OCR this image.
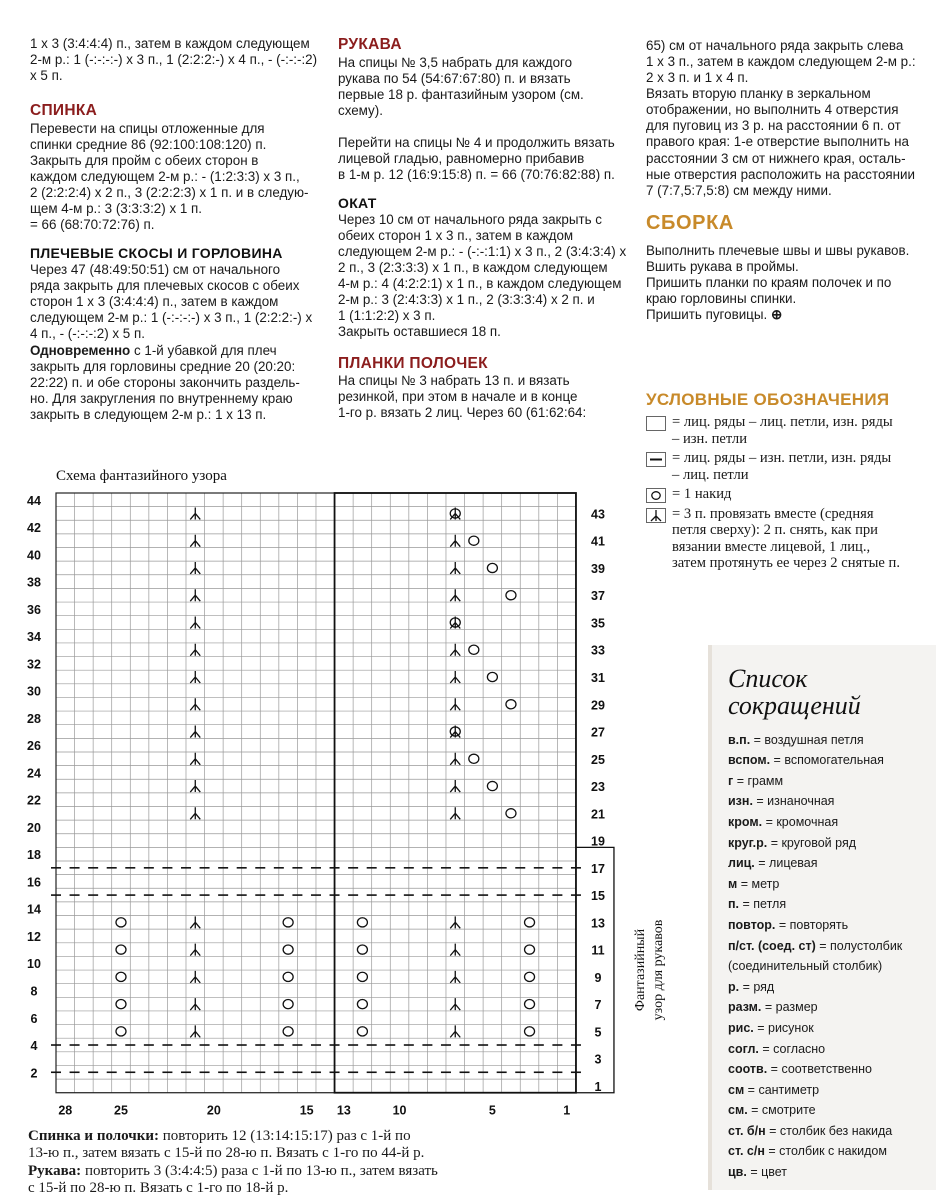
1 х 3 (3:4:4:4) п., затем в каждом следующем
2-м р.: 1 (-:-:-:-) х 3 п., 1 (2:2:2:-) х 4 п., - (-:-:-:2)
х 5 п.
СПИНКА
Перевести на спицы отложенные для
спинки средние 86 (92:100:108:120) п.
Закрыть для пройм с обеих сторон в
каждом следующем 2-м р.: - (1:2:3:3) х 3 п.,
2 (2:2:2:4) х 2 п., 3 (2:2:2:3) х 1 п. и в следую-
щем 4-м р.: 3 (3:3:3:2) х 1 п.
= 66 (68:70:72:76) п.
ПЛЕЧЕВЫЕ СКОСЫ И ГОРЛОВИНА
Через 47 (48:49:50:51) см от начального
ряда закрыть для плечевых скосов с обеих
сторон 1 х 3 (3:4:4:4) п., затем в каждом
следующем 2-м р.: 1 (-:-:-:-) х 3 п., 1 (2:2:2:-) х
4 п., - (-:-:-:2) х 5 п.
Одновременно с 1-й убавкой для плеч
закрыть для горловины средние 20 (20:20:
22:22) п. и обе стороны закончить раздель-
но. Для закругления по внутреннему краю
закрыть в следующем 2-м р.: 1 х 13 п.
РУКАВА
На спицы № 3,5 набрать для каждого
рукава по 54 (54:67:67:80) п. и вязать
первые 18 р. фантазийным узором (см.
схему).
Перейти на спицы № 4 и продолжить вязать
лицевой гладью, равномерно прибавив
в 1-м р. 12 (16:9:15:8) п. = 66 (70:76:82:88) п.
ОКАТ
Через 10 см от начального ряда закрыть с
обеих сторон 1 х 3 п., затем в каждом
следующем 2-м р.: - (-:-:1:1) х 3 п., 2 (3:4:3:4) х
2 п., 3 (2:3:3:3) х 1 п., в каждом следующем
4-м р.: 4 (4:2:2:1) х 1 п., в каждом следующем
2-м р.: 3 (2:4:3:3) х 1 п., 2 (3:3:3:4) х 2 п. и
1 (1:1:2:2) х 3 п.
Закрыть оставшиеся 18 п.
ПЛАНКИ ПОЛОЧЕК
На спицы № 3 набрать 13 п. и вязать
резинкой, при этом в начале и в конце
1-го р. вязать 2 лиц. Через 60 (61:62:64:
65) см от начального ряда закрыть слева
1 х 3 п., затем в каждом следующем 2-м р.:
2 х 3 п. и 1 х 4 п.
Вязать вторую планку в зеркальном
отображении, но выполнить 4 отверстия
для пуговиц из 3 р. на расстоянии 6 п. от
правого края: 1-е отверстие выполнить на
расстоянии 3 см от нижнего края, осталь-
ные отверстия расположить на расстоянии
7 (7:7,5:7,5:8) см между ними.
СБОРКА
Выполнить плечевые швы и швы рукавов.
Вшить рукава в проймы.
Пришить планки по краям полочек и по
краю горловины спинки.
Пришить пуговицы. ⊕
УСЛОВНЫЕ ОБОЗНАЧЕНИЯ
= лиц. ряды – лиц. петли, изн. ряды
– изн. петли
= лиц. ряды – изн. петли, изн. ряды
– лиц. петли
= 1 накид
= 3 п. провязать вместе (средняя
петля сверху): 2 п. снять, как при
вязании вместе лицевой, 1 лиц.,
затем протянуть ее через 2 снятые п.
Список
сокращений
в.п. = воздушная петля
вспом. = вспомогательная
г = грамм
изн. = изнаночная
кром. = кромочная
круг.р. = круговой ряд
лиц. = лицевая
м = метр
п. = петля
повтор. = повторять
п/ст. (соед. ст) = полустолбик
(соединительный столбик)
р. = ряд
разм. = размер
рис. = рисунок
согл. = согласно
соотв. = соответственно
см = сантиметр
см. = смотрите
ст. б/н = столбик без накида
ст. с/н = столбик с накидом
цв. = цвет
Схема фантазийного узора
44
42
40
38
36
34
32
30
28
26
24
22
20
18
16
14
12
10
8
6
4
2
43
41
39
37
35
33
31
29
27
25
23
21
19
17
15
13
11
9
7
5
3
1
28	25	20	15 13	10	5	1
Фантазийный узор для рукавов
Спинка и полочки: повторить 12 (13:14:15:17) раз с 1-й по
13-ю п., затем вязать с 15-й по 28-ю п. Вязать с 1-го по 44-й р.
Рукава: повторить 3 (3:4:4:5) раза с 1-й по 13-ю п., затем вязать
с 15-й по 28-ю п. Вязать с 1-го по 18-й р.
